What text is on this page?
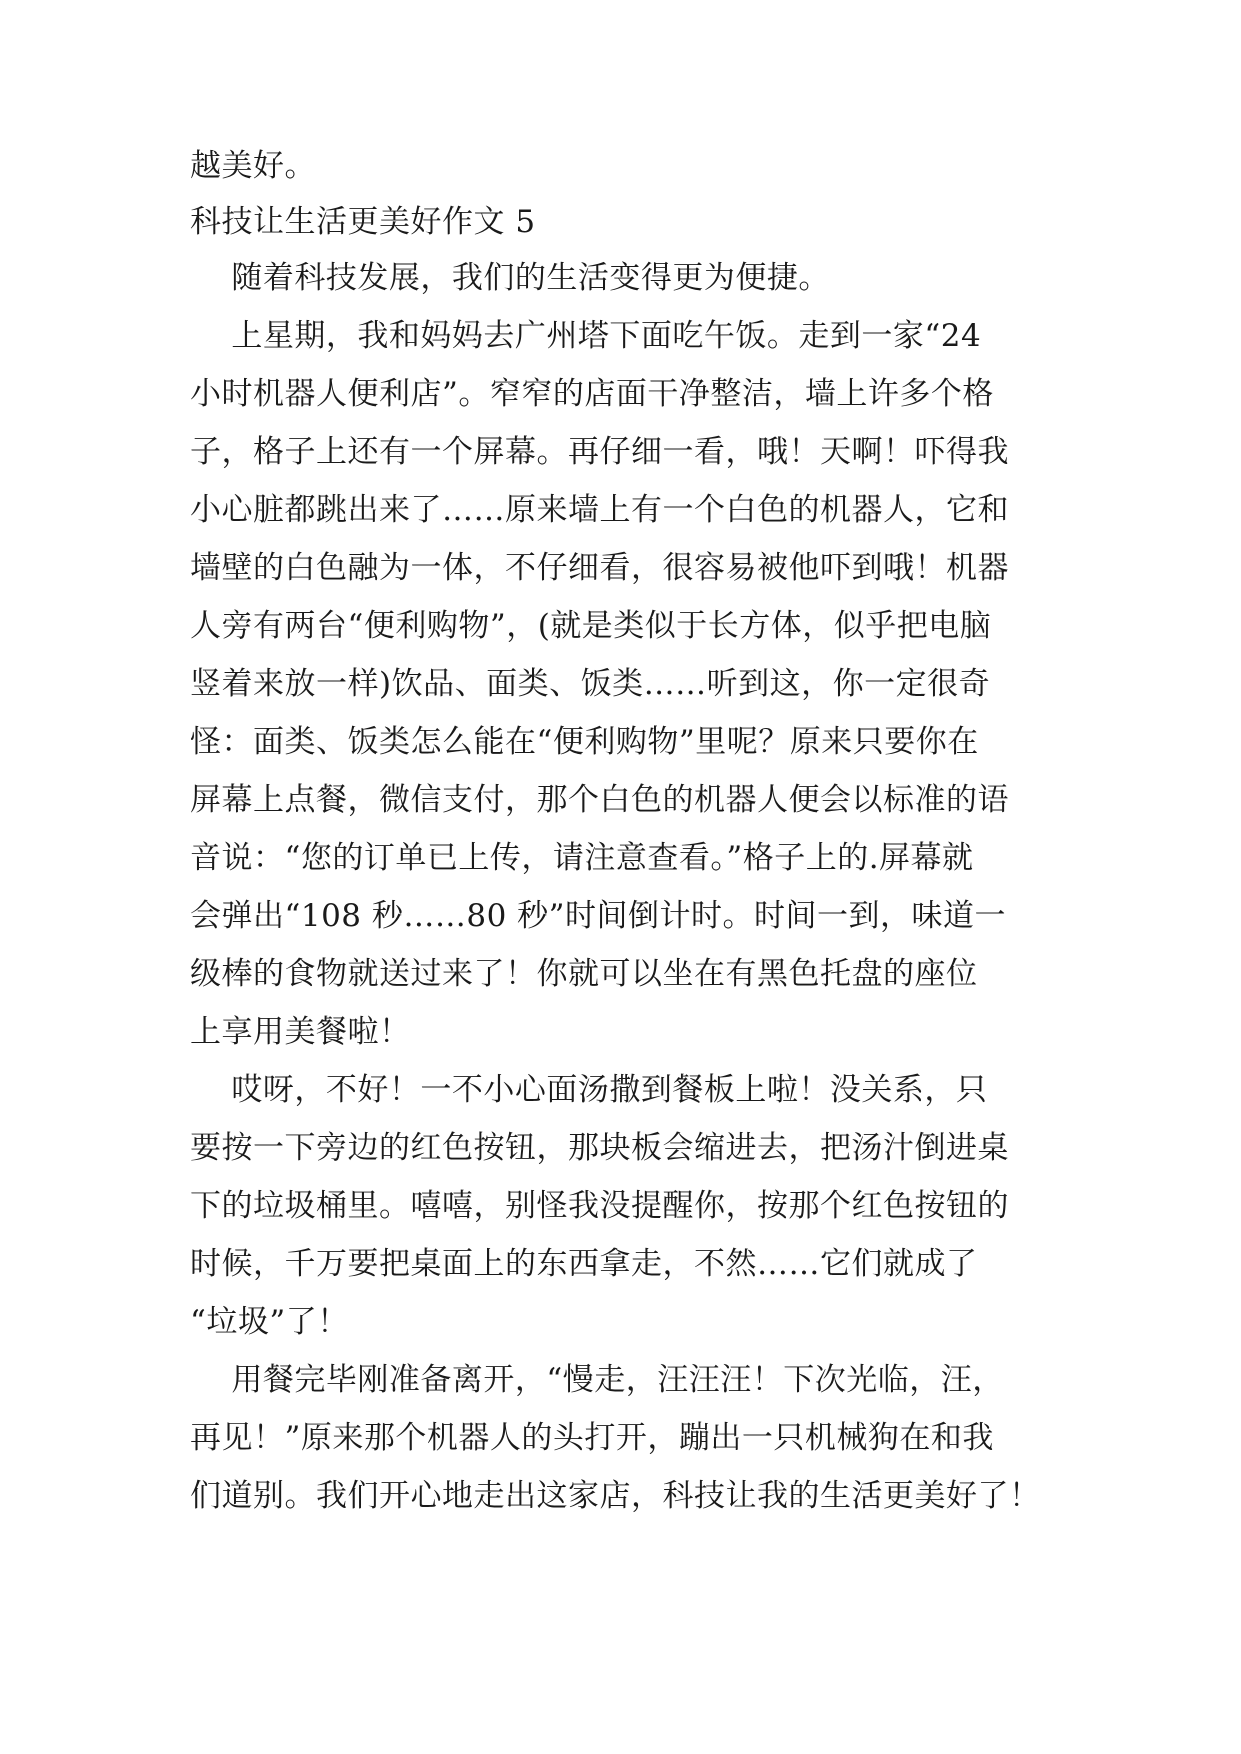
越美好。
科技让生活更美好作文 5
随着科技发展，我们的生活变得更为便捷。
上星期，我和妈妈去广州塔下面吃午饭。走到一家“24
小时机器人便利店”。窄窄的店面干净整洁，墙上许多个格
子，格子上还有一个屏幕。再仔细一看，哦！天啊！吓得我
小心脏都跳出来了……原来墙上有一个白色的机器人，它和
墙壁的白色融为一体，不仔细看，很容易被他吓到哦！机器
人旁有两台“便利购物”，(就是类似于长方体，似乎把电脑
竖着来放一样)饮品、面类、饭类……听到这，你一定很奇
怪：面类、饭类怎么能在“便利购物”里呢？原来只要你在
屏幕上点餐，微信支付，那个白色的机器人便会以标准的语
音说：“您的订单已上传，请注意查看。”格子上的.屏幕就
会弹出“108 秒……80 秒”时间倒计时。时间一到，味道一
级棒的食物就送过来了！你就可以坐在有黑色托盘的座位
上享用美餐啦！
哎呀，不好！一不小心面汤撒到餐板上啦！没关系，只
要按一下旁边的红色按钮，那块板会缩进去，把汤汁倒进桌
下的垃圾桶里。嘻嘻，别怪我没提醒你，按那个红色按钮的
时候，千万要把桌面上的东西拿走，不然……它们就成了
“垃圾”了！
用餐完毕刚准备离开，“慢走，汪汪汪！下次光临，汪，
再见！”原来那个机器人的头打开，蹦出一只机械狗在和我
们道别。我们开心地走出这家店，科技让我的生活更美好了！
